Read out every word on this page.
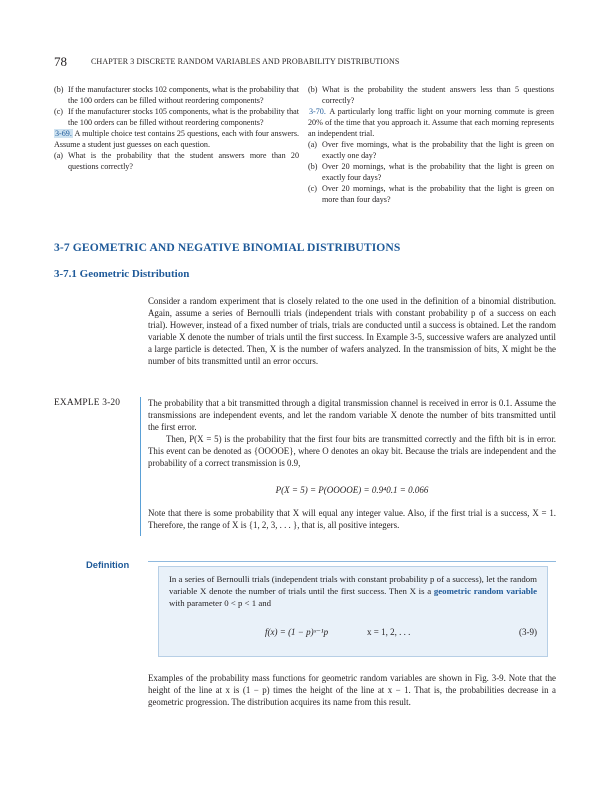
78	CHAPTER 3 DISCRETE RANDOM VARIABLES AND PROBABILITY DISTRIBUTIONS
(b) If the manufacturer stocks 102 components, what is the probability that the 100 orders can be filled without reordering components?
(c) If the manufacturer stocks 105 components, what is the probability that the 100 orders can be filled without reordering components?
3-69. A multiple choice test contains 25 questions, each with four answers. Assume a student just guesses on each question.
(a) What is the probability that the student answers more than 20 questions correctly?
(b) What is the probability the student answers less than 5 questions correctly?
3-70. A particularly long traffic light on your morning commute is green 20% of the time that you approach it. Assume that each morning represents an independent trial.
(a) Over five mornings, what is the probability that the light is green on exactly one day?
(b) Over 20 mornings, what is the probability that the light is green on exactly four days?
(c) Over 20 mornings, what is the probability that the light is green on more than four days?
3-7 GEOMETRIC AND NEGATIVE BINOMIAL DISTRIBUTIONS
3-7.1 Geometric Distribution
Consider a random experiment that is closely related to the one used in the definition of a binomial distribution. Again, assume a series of Bernoulli trials (independent trials with constant probability p of a success on each trial). However, instead of a fixed number of trials, trials are conducted until a success is obtained. Let the random variable X denote the number of trials until the first success. In Example 3-5, successive wafers are analyzed until a large particle is detected. Then, X is the number of wafers analyzed. In the transmission of bits, X might be the number of bits transmitted until an error occurs.
EXAMPLE 3-20	The probability that a bit transmitted through a digital transmission channel is received in error is 0.1. Assume the transmissions are independent events, and let the random variable X denote the number of bits transmitted until the first error.

Then, P(X = 5) is the probability that the first four bits are transmitted correctly and the fifth bit is in error. This event can be denoted as {OOOOE}, where O denotes an okay bit. Because the trials are independent and the probability of a correct transmission is 0.9,

P(X = 5) = P(OOOOE) = 0.9⁴0.1 = 0.066
Note that there is some probability that X will equal any integer value. Also, if the first trial is a success, X = 1. Therefore, the range of X is {1, 2, 3, . . . }, that is, all positive integers.
Definition

In a series of Bernoulli trials (independent trials with constant probability p of a success), let the random variable X denote the number of trials until the first success. Then X is a geometric random variable with parameter 0 < p < 1 and

f(x) = (1 − p)ˣ⁻¹p	x = 1, 2, . . .	(3-9)
Examples of the probability mass functions for geometric random variables are shown in Fig. 3-9. Note that the height of the line at x is (1 − p) times the height of the line at x − 1. That is, the probabilities decrease in a geometric progression. The distribution acquires its name from this result.
